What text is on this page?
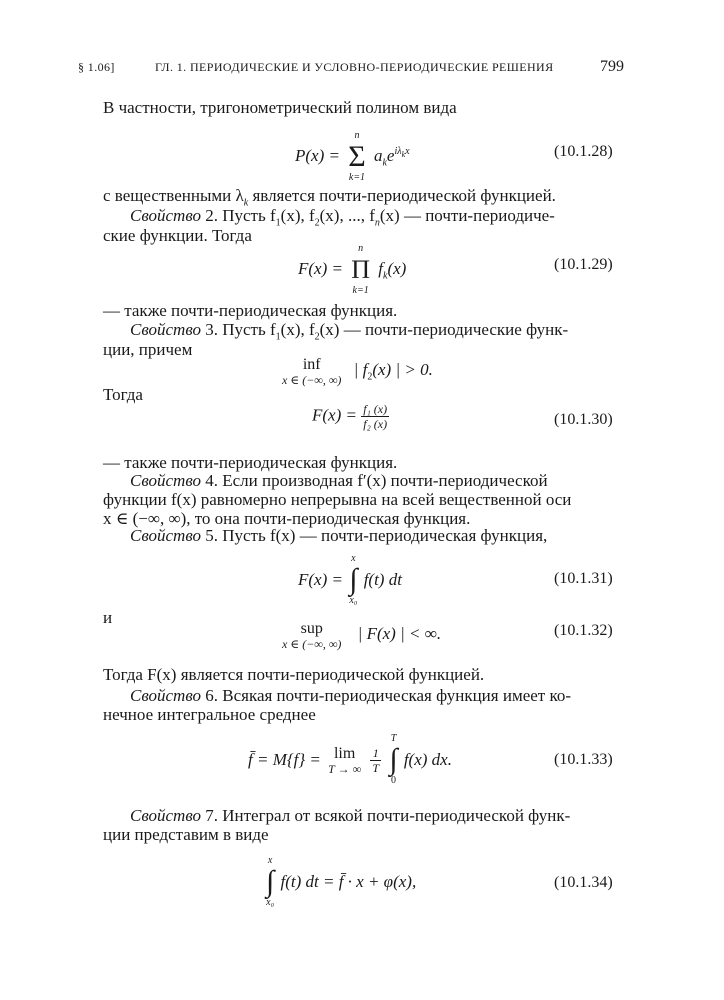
§ 1.06]	ГЛ. 1. ПЕРИОДИЧЕСКИЕ И УСЛОВНО-ПЕРИОДИЧЕСКИЕ РЕШЕНИЯ	799
В частности, тригонометрический полином вида
P(x) =
n
Σ
k=1
$a_ke^{i\lambda_kx}$	(10.1.28)
с вещественными $\lambda_k$ является почти-периодической функцией.
Свойство 2. Пусть $f_1(x)$, $f_2(x)$, ..., $f_n(x)$ — почти-периодиче-
ские функции. Тогда
F(x) =
n
Π
k=1
$f_k(x)$	(10.1.29)
— также почти-периодическая функция.
Свойство 3. Пусть $f_1(x)$, $f_2(x)$ — почти-периодические функ-
ции, причем
inf
x ∈ (−∞, ∞)
| $f_2(x)$ | > 0.
Тогда
$F(x) = \frac{\text{f₁ (x)}}{\text{f₂ (x)}}$	(10.1.30)
— также почти-периодическая функция.
Свойство 4. Если производная f′(x) почти-периодической
функции f(x) равномерно непрерывна на всей вещественной оси
x ∈ (−∞, ∞), то она почти-периодическая функция.
Свойство 5. Пусть f(x) — почти-периодическая функция,
F(x) =
x
∫
x₀
f(t) dt	(10.1.31)
и
sup
x ∈ (−∞, ∞)
| F(x) | < ∞.	(10.1.32)
Тогда F(x) является почти-периодической функцией.
Свойство 6. Всякая почти-периодическая функция имеет ко-
нечное интегральное среднее
f̄ = M{f} = lim
T → ∞
$\frac{1}{T}$

T
∫
0
f(x) dx.	(10.1.33)
Свойство 7. Интеграл от всякой почти-периодической функ-
ции представим в виде
x
∫
x₀
f(t) dt = f̄ · x + φ(x),	(10.1.34)
